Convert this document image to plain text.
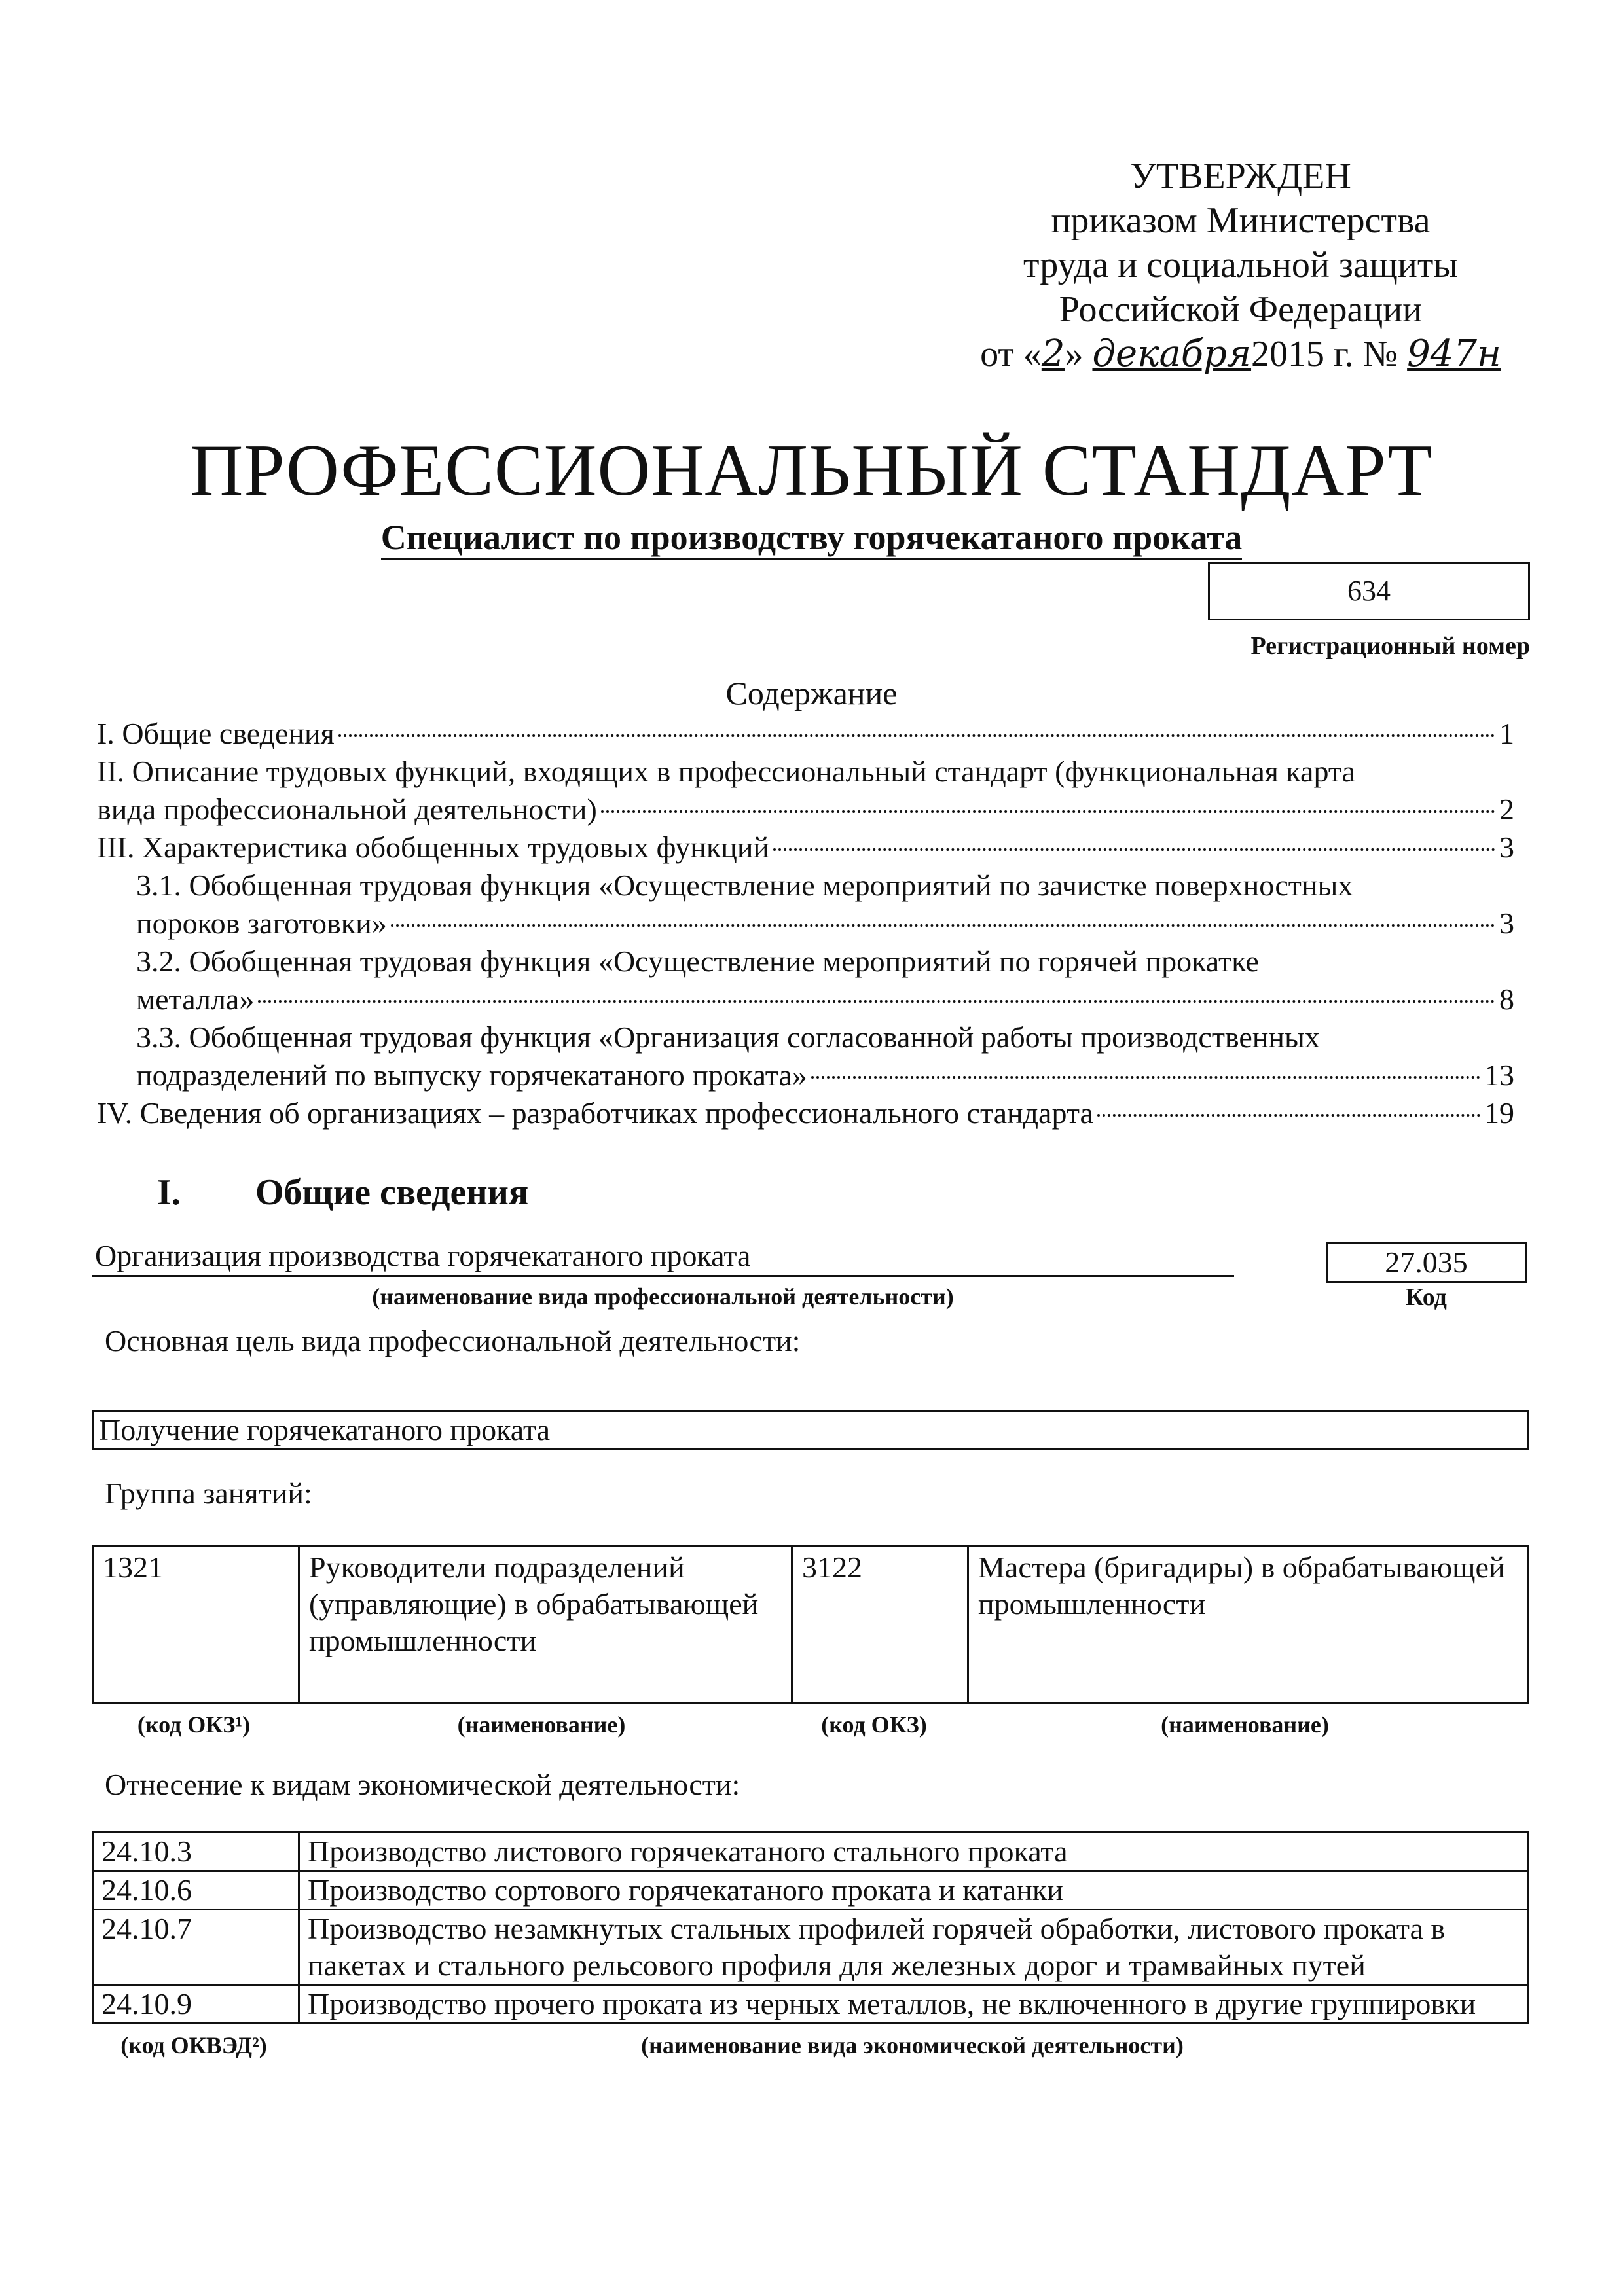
УТВЕРЖДЕН
приказом Министерства
труда и социальной защиты
Российской Федерации
от «2» декабря2015 г. № 947н
ПРОФЕССИОНАЛЬНЫЙ СТАНДАРТ
Специалист по производству горячекатаного проката
634
Регистрационный номер
Содержание
I. Общие сведения	1
II. Описание трудовых функций, входящих в профессиональный стандарт (функциональная карта
вида профессиональной деятельности)	2
III. Характеристика обобщенных трудовых функций	3
3.1. Обобщенная трудовая функция «Осуществление мероприятий по зачистке поверхностных
пороков заготовки»	3
3.2. Обобщенная трудовая функция «Осуществление мероприятий по горячей прокатке
металла»	8
3.3. Обобщенная трудовая функция «Организация согласованной работы производственных
подразделений по выпуску горячекатаного проката»	13
IV. Сведения об организациях – разработчиках профессионального стандарта	19
I. Общие сведения
Организация производства горячекатаного проката
(наименование вида профессиональной деятельности)
27.035
Код
Основная цель вида профессиональной деятельности:
Получение горячекатаного проката
Группа занятий:
1321	Руководители подразделений (управляющие) в обрабатывающей промышленности	3122	Мастера (бригадиры) в обрабатывающей промышленности
(код ОКЗ¹)	(наименование)	(код ОКЗ)	(наименование)
Отнесение к видам экономической деятельности:
24.10.3	Производство листового горячекатаного стального проката
24.10.6	Производство сортового горячекатаного проката и катанки
24.10.7	Производство незамкнутых стальных профилей горячей обработки, листового проката в пакетах и стального рельсового профиля для железных дорог и трамвайных путей
24.10.9	Производство прочего проката из черных металлов, не включенного в другие группировки
(код ОКВЭД²)	(наименование вида экономической деятельности)
